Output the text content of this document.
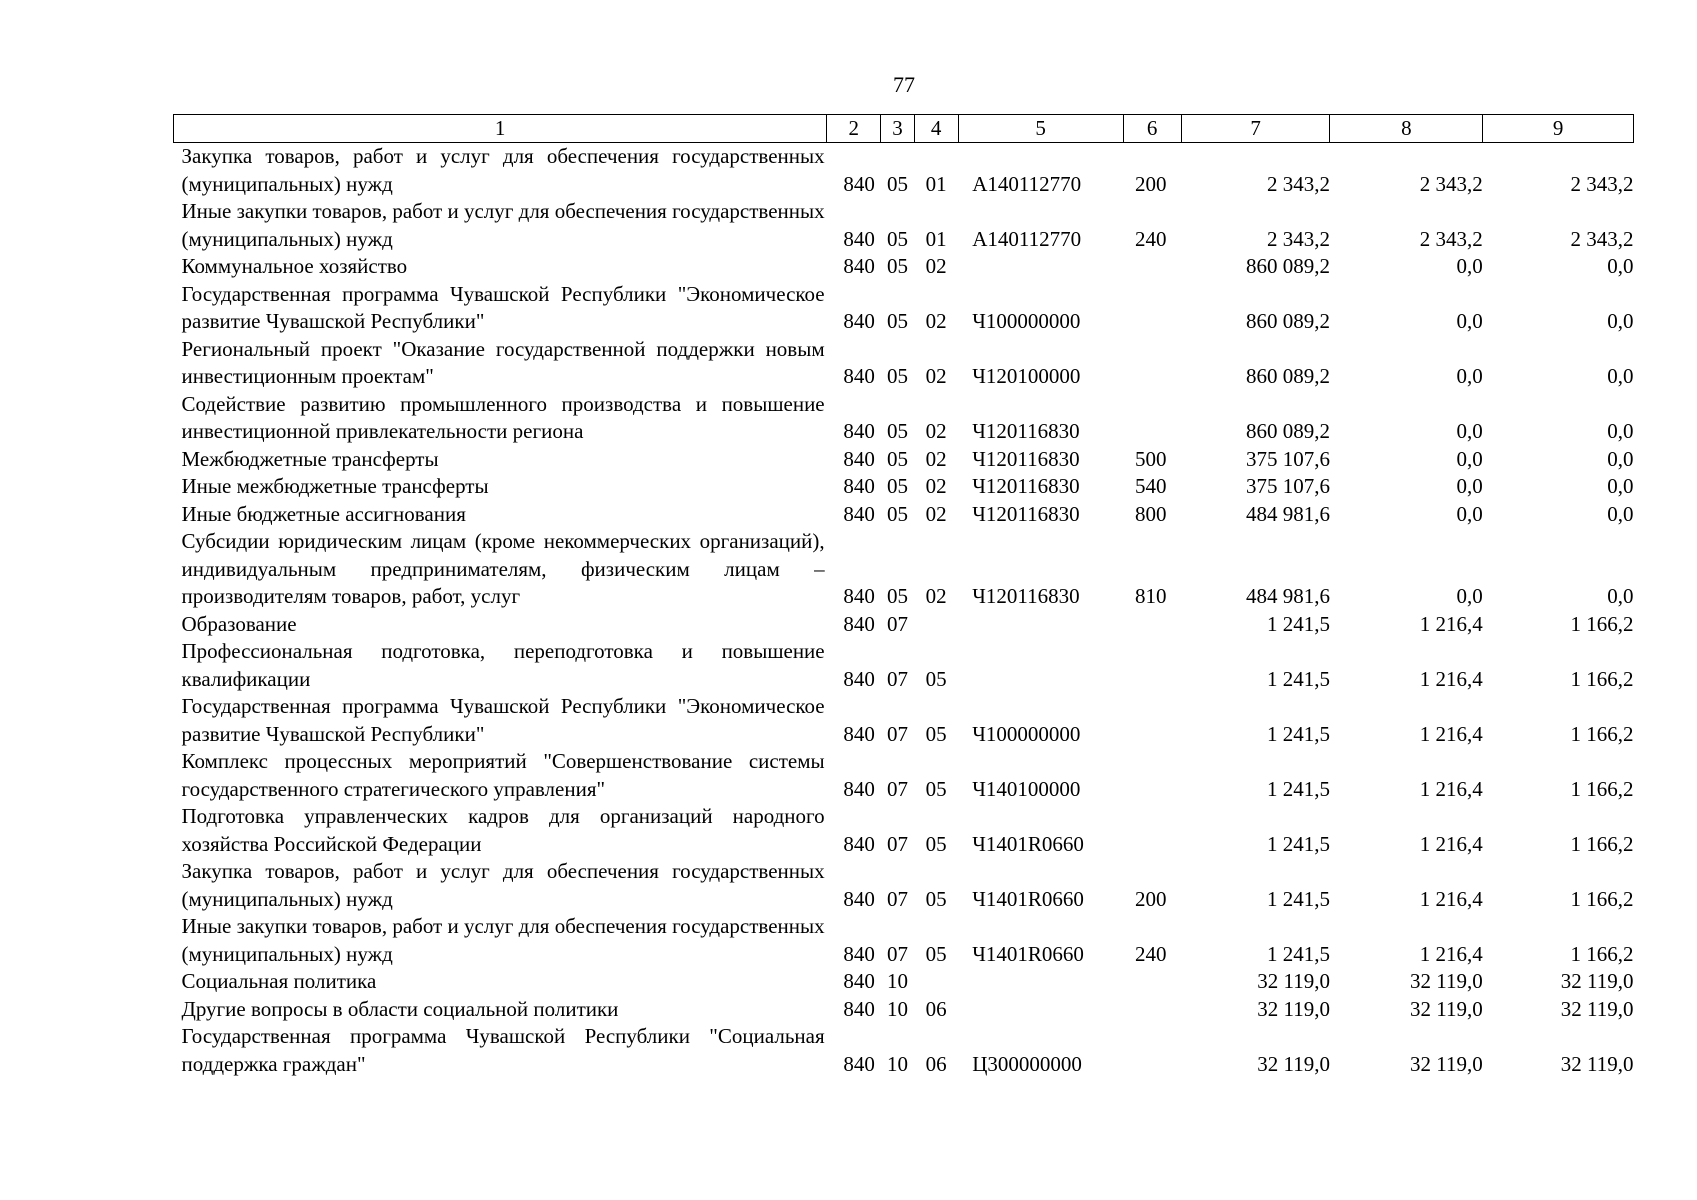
77
1	2	3	4	5	6	7	8	9
Закупка товаров, работ и услуг для обеспечения государственных (муниципальных) нужд	840	05	01	А140112770	200	2 343,2	2 343,2	2 343,2
Иные закупки товаров, работ и услуг для обеспечения государственных (муниципальных) нужд	840	05	01	А140112770	240	2 343,2	2 343,2	2 343,2
Коммунальное хозяйство	840	05	02			860 089,2	0,0	0,0
Государственная программа Чувашской Республики "Экономическое развитие Чувашской Республики"	840	05	02	Ч100000000		860 089,2	0,0	0,0
Региональный проект "Оказание государственной поддержки новым инвестиционным проектам"	840	05	02	Ч120100000		860 089,2	0,0	0,0
Содействие развитию промышленного производства и повышение инвестиционной привлекательности региона	840	05	02	Ч120116830		860 089,2	0,0	0,0
Межбюджетные трансферты	840	05	02	Ч120116830	500	375 107,6	0,0	0,0
Иные межбюджетные трансферты	840	05	02	Ч120116830	540	375 107,6	0,0	0,0
Иные бюджетные ассигнования	840	05	02	Ч120116830	800	484 981,6	0,0	0,0
Субсидии юридическим лицам (кроме некоммерческих организаций), индивидуальным предпринимателям, физическим лицам – производителям товаров, работ, услуг	840	05	02	Ч120116830	810	484 981,6	0,0	0,0
Образование	840	07				1 241,5	1 216,4	1 166,2
Профессиональная подготовка, переподготовка и повышение квалификации	840	07	05			1 241,5	1 216,4	1 166,2
Государственная программа Чувашской Республики "Экономическое развитие Чувашской Республики"	840	07	05	Ч100000000		1 241,5	1 216,4	1 166,2
Комплекс процессных мероприятий "Совершенствование системы государственного стратегического управления"	840	07	05	Ч140100000		1 241,5	1 216,4	1 166,2
Подготовка управленческих кадров для организаций народного хозяйства Российской Федерации	840	07	05	Ч1401R0660		1 241,5	1 216,4	1 166,2
Закупка товаров, работ и услуг для обеспечения государственных (муниципальных) нужд	840	07	05	Ч1401R0660	200	1 241,5	1 216,4	1 166,2
Иные закупки товаров, работ и услуг для обеспечения государственных (муниципальных) нужд	840	07	05	Ч1401R0660	240	1 241,5	1 216,4	1 166,2
Социальная политика	840	10				32 119,0	32 119,0	32 119,0
Другие вопросы в области социальной политики	840	10	06			32 119,0	32 119,0	32 119,0
Государственная программа Чувашской Республики "Социальная поддержка граждан"	840	10	06	Ц300000000		32 119,0	32 119,0	32 119,0
